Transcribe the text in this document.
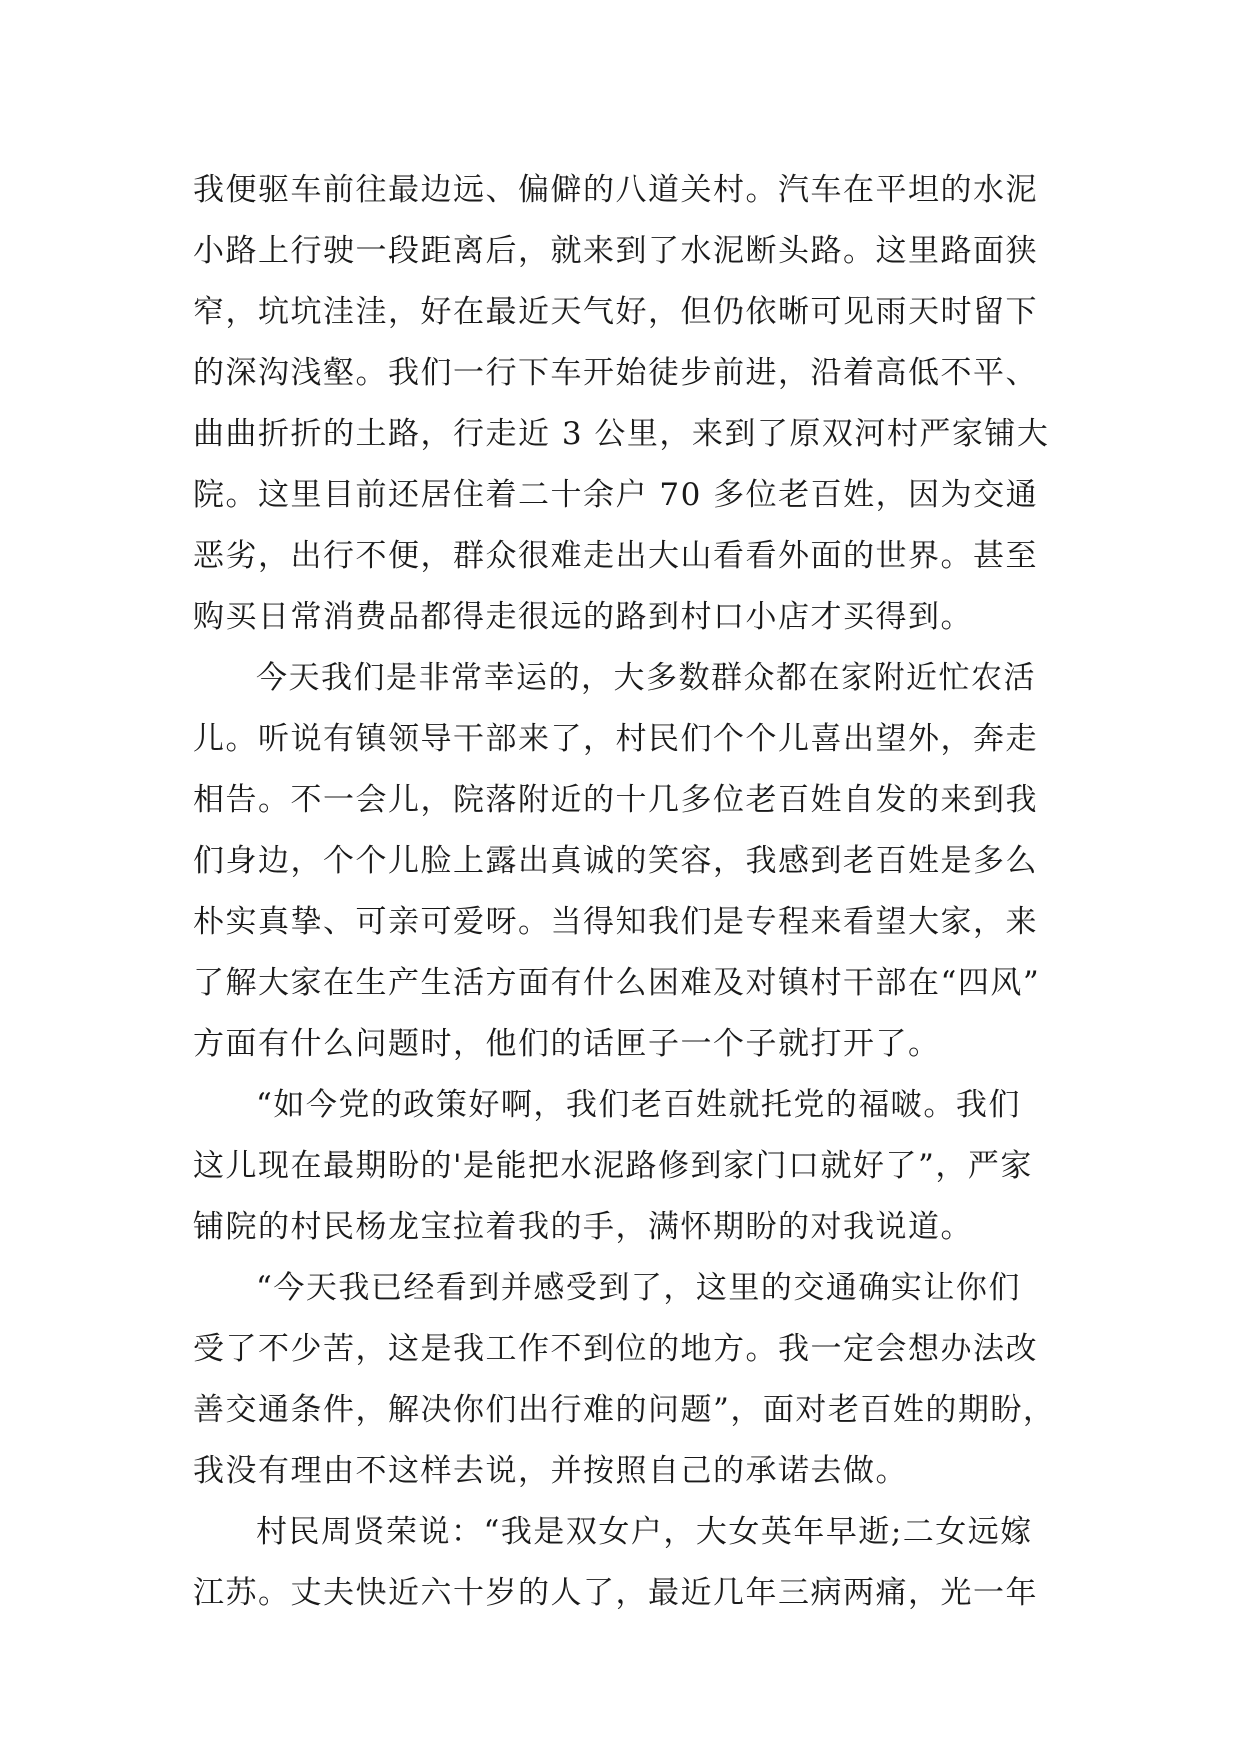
我便驱车前往最边远、偏僻的八道关村。汽车在平坦的水泥
小路上行驶一段距离后，就来到了水泥断头路。这里路面狭
窄，坑坑洼洼，好在最近天气好，但仍依晰可见雨天时留下
的深沟浅壑。我们一行下车开始徒步前进，沿着高低不平、
曲曲折折的土路，行走近 3 公里，来到了原双河村严家铺大
院。这里目前还居住着二十余户 70 多位老百姓，因为交通
恶劣，出行不便，群众很难走出大山看看外面的世界。甚至
购买日常消费品都得走很远的路到村口小店才买得到。
今天我们是非常幸运的，大多数群众都在家附近忙农活
儿。听说有镇领导干部来了，村民们个个儿喜出望外，奔走
相告。不一会儿，院落附近的十几多位老百姓自发的来到我
们身边，个个儿脸上露出真诚的笑容，我感到老百姓是多么
朴实真挚、可亲可爱呀。当得知我们是专程来看望大家，来
了解大家在生产生活方面有什么困难及对镇村干部在“四风”
方面有什么问题时，他们的话匣子一个子就打开了。
“如今党的政策好啊，我们老百姓就托党的福啵。我们
这儿现在最期盼的'是能把水泥路修到家门口就好了”，严家
铺院的村民杨龙宝拉着我的手，满怀期盼的对我说道。
“今天我已经看到并感受到了，这里的交通确实让你们
受了不少苦，这是我工作不到位的地方。我一定会想办法改
善交通条件，解决你们出行难的问题”，面对老百姓的期盼，
我没有理由不这样去说，并按照自己的承诺去做。
村民周贤荣说：“我是双女户，大女英年早逝;二女远嫁
江苏。丈夫快近六十岁的人了，最近几年三病两痛，光一年
